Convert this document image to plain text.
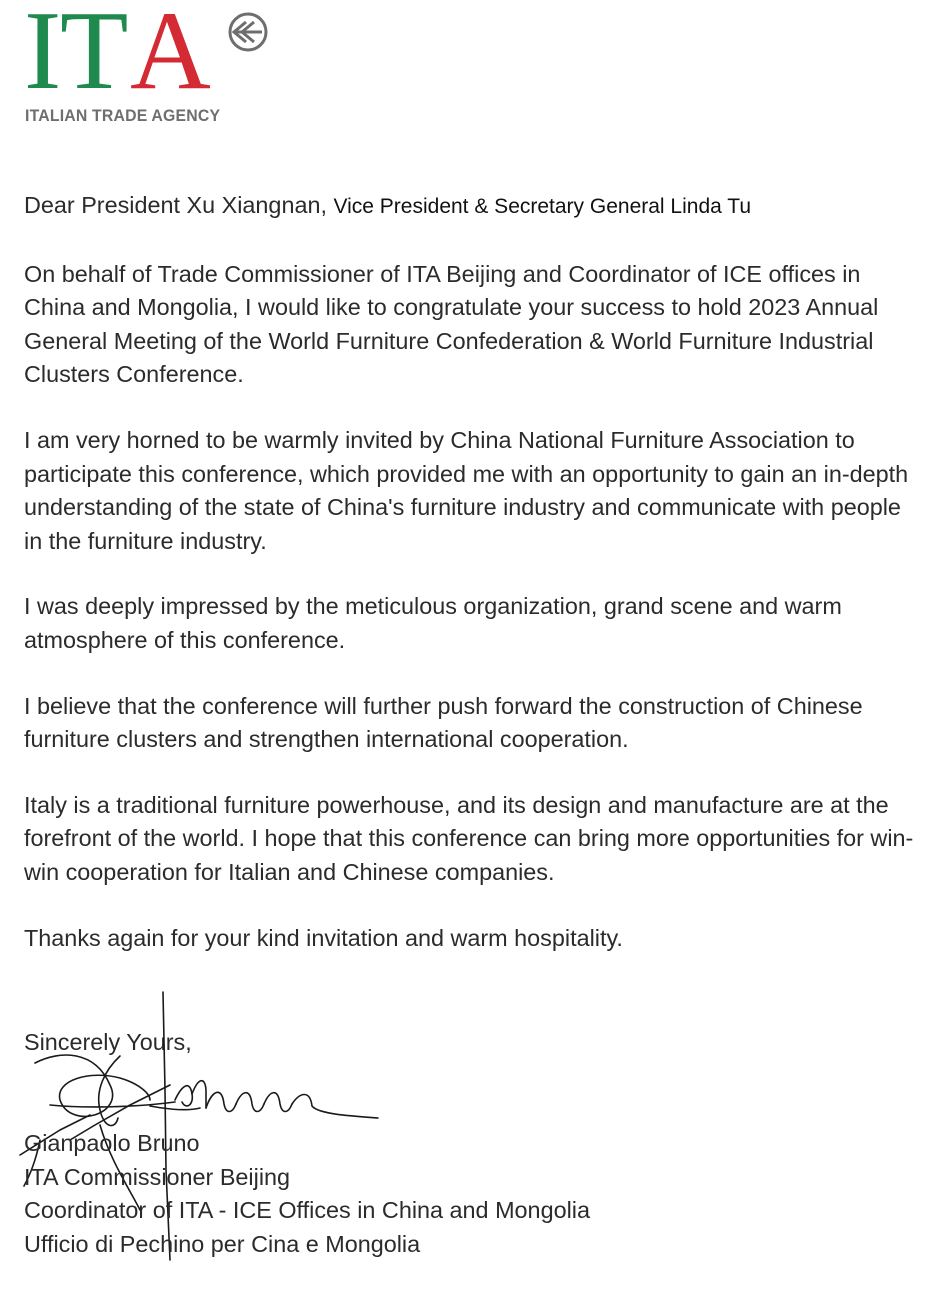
I
T A
ITALIAN TRADE AGENCY

Dear President Xu Xiangnan, Vice President & Secretary General Linda Tu

On behalf of Trade Commissioner of ITA Beijing and Coordinator of ICE offices in China and Mongolia, I would like to congratulate your success to hold 2023 Annual General Meeting of the World Furniture Confederation & World Furniture Industrial Clusters Conference.

I am very horned to be warmly invited by China National Furniture Association to participate this conference, which provided me with an opportunity to gain an in-depth understanding of the state of China's furniture industry and communicate with people in the furniture industry.

I was deeply impressed by the meticulous organization, grand scene and warm atmosphere of this conference.

I believe that the conference will further push forward the construction of Chinese furniture clusters and strengthen international cooperation.

Italy is a traditional furniture powerhouse, and its design and manufacture are at the forefront of the world. I hope that this conference can bring more opportunities for win-win cooperation for Italian and Chinese companies.

Thanks again for your kind invitation and warm hospitality.

Sincerely Yours,
Gianpaolo Bruno
ITA Commissioner Beijing
Coordinator of ITA - ICE Offices in China and Mongolia
Ufficio di Pechino per Cina e Mongolia
